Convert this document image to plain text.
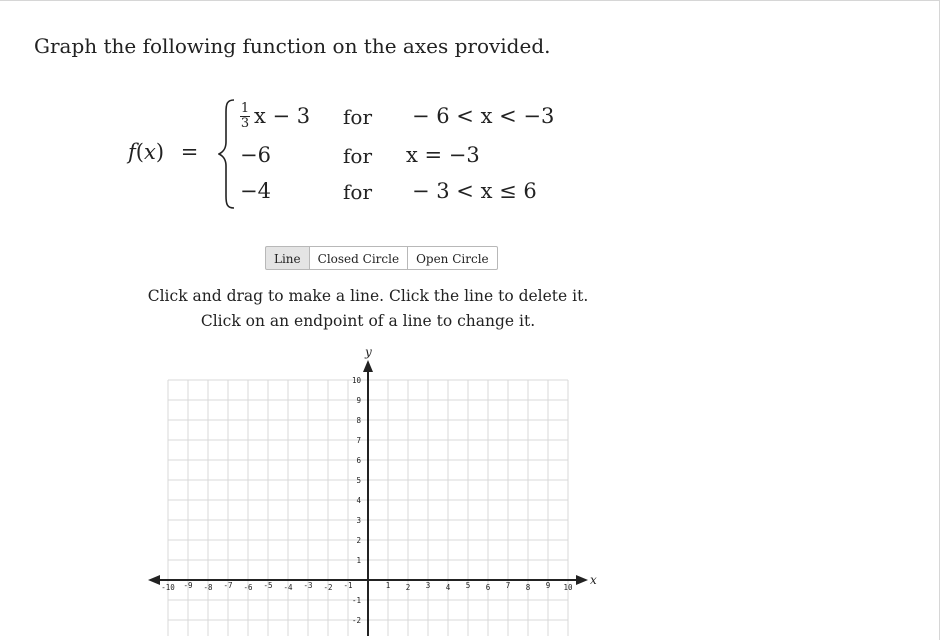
Graph the following function on the axes provided.
f(x) =
$\frac{1}{3}$ x − 3 for − 6 < x < −3
−6	for x = −3
−4	for − 3 < x ≤ 6
Line	Closed Circle	Open Circle
Click and drag to make a line. Click the line to delete it.
Click on an endpoint of a line to change it.
x
y
-10 -9 -8 -7 -6 -5 -4 -3 -2 -1	1 2 3 4 5 6 7 8 9 10
10
9
8
7
6
5
4
3
2
1
-1
-2
